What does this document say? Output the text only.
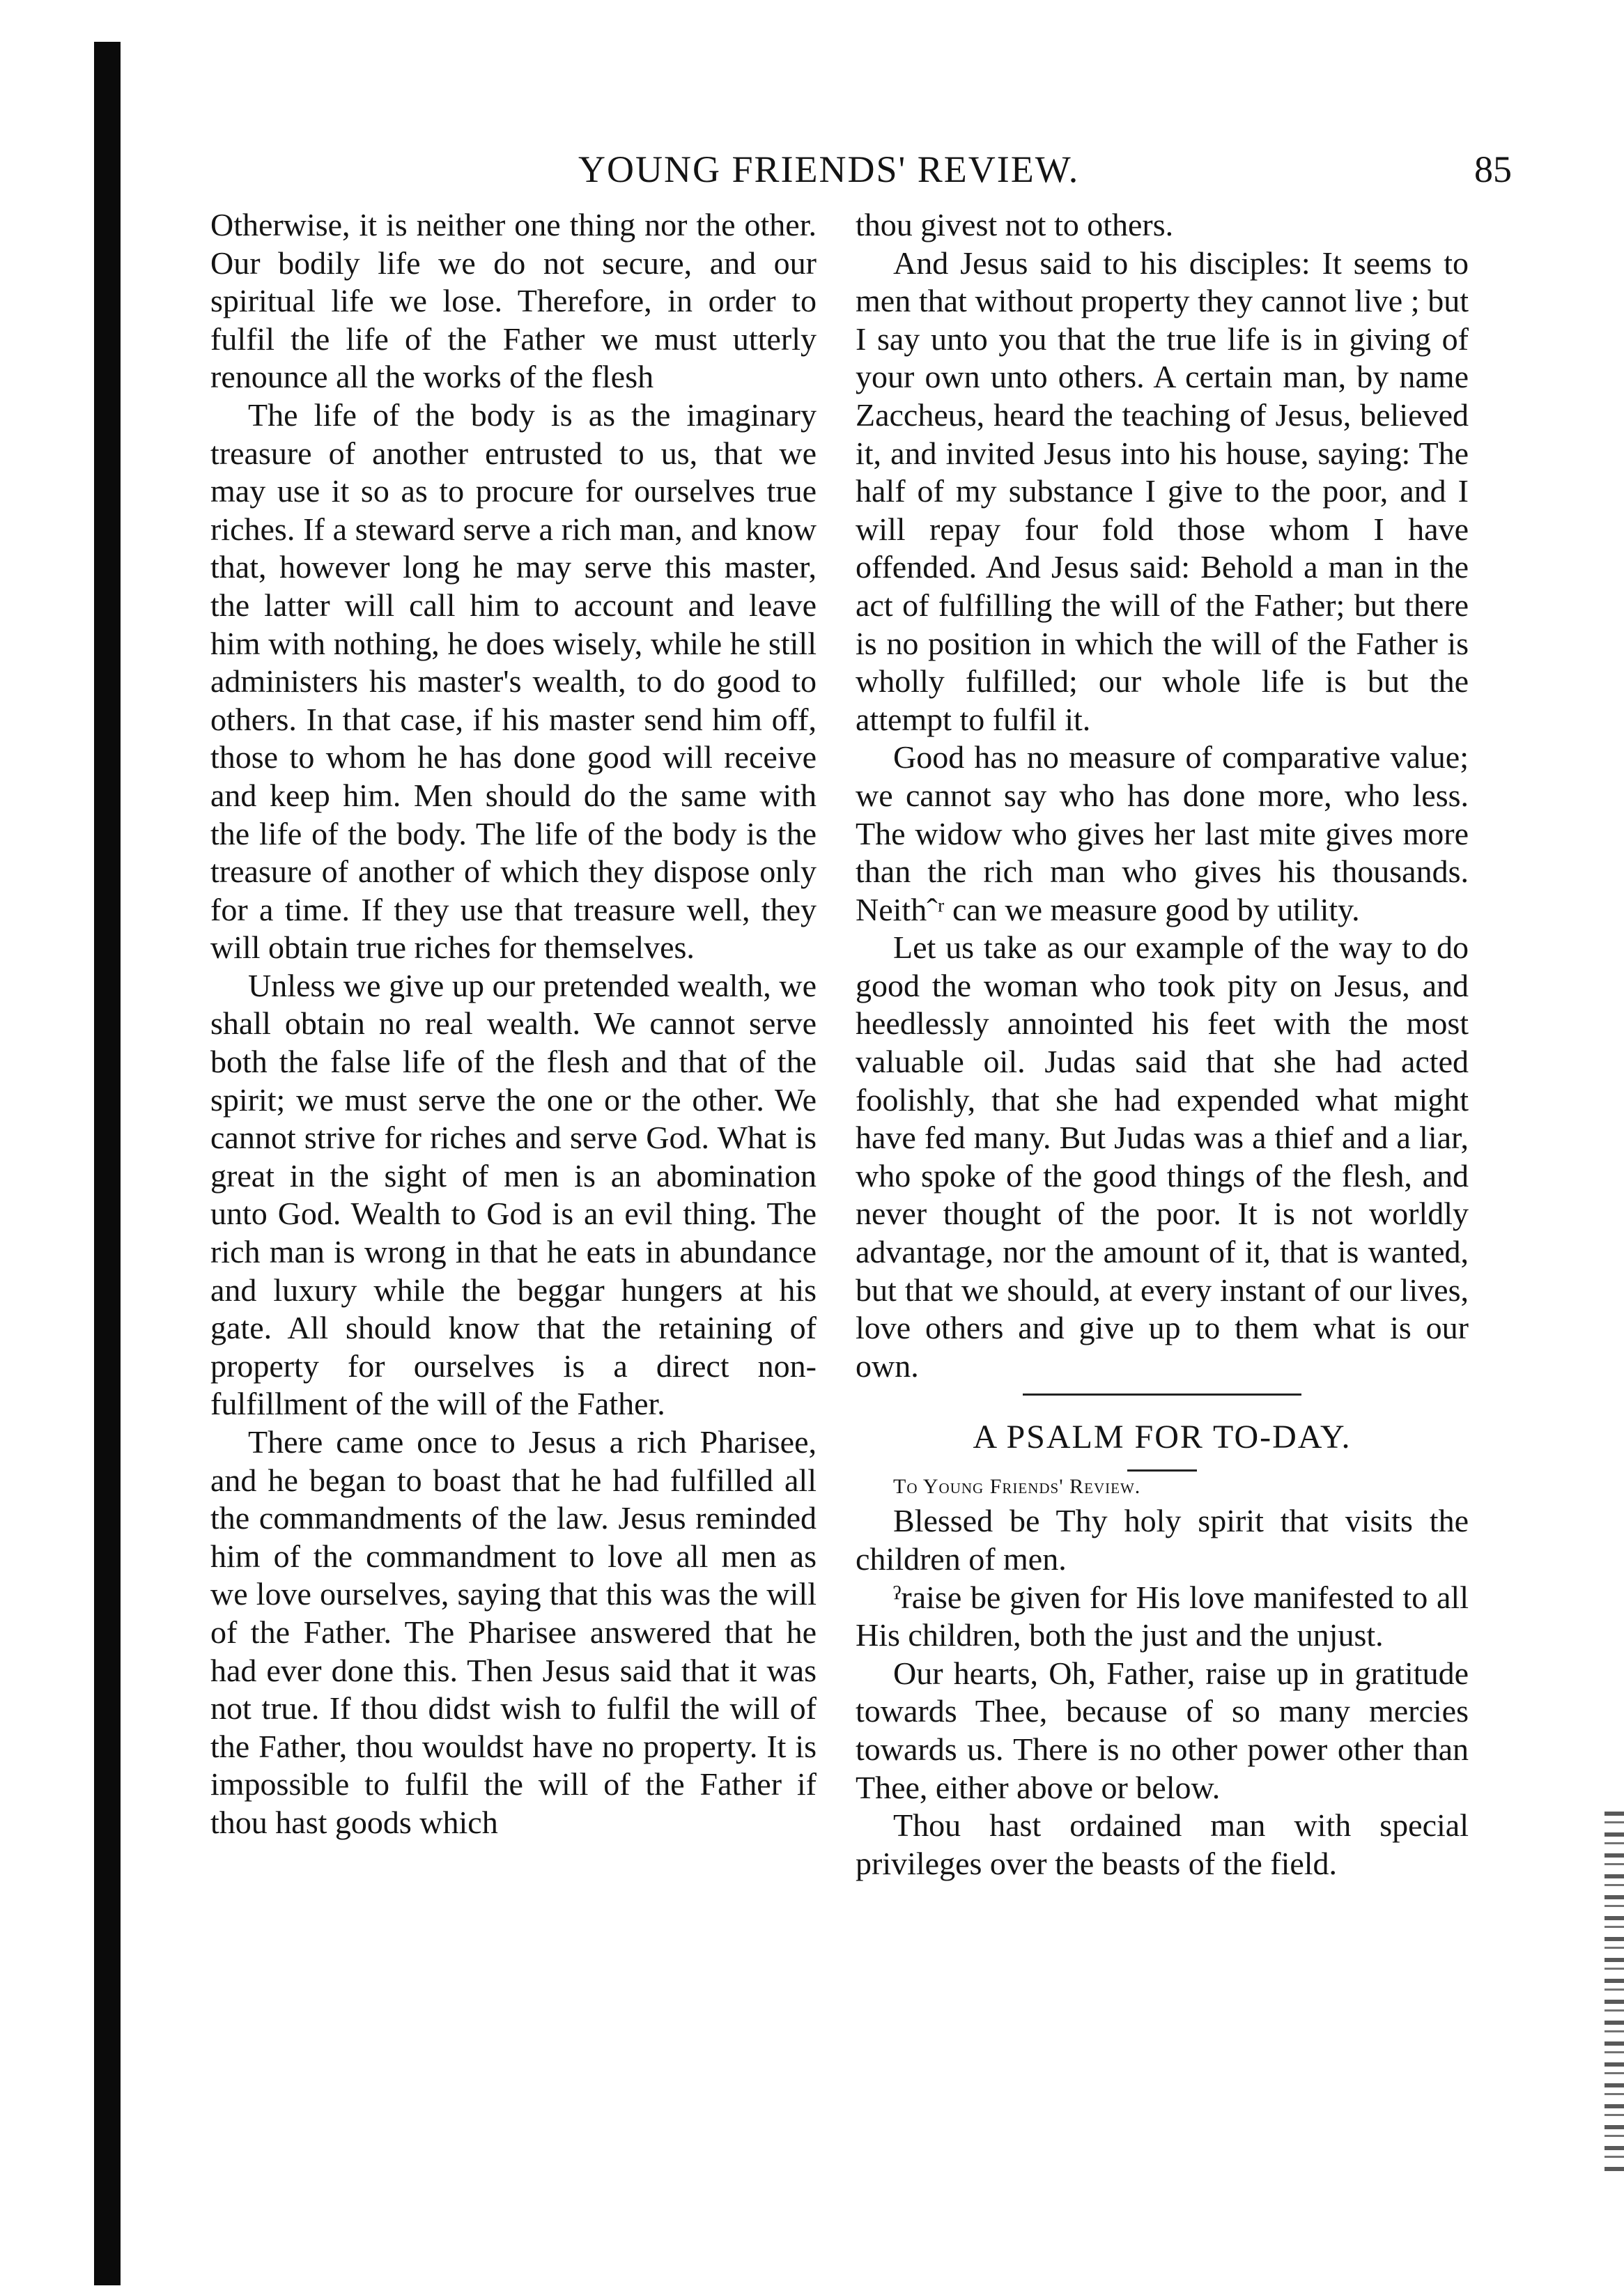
YOUNG FRIENDS' REVIEW.	85

Otherwise, it is neither one thing nor the other. Our bodily life we do not secure, and our spiritual life we lose. Therefore, in order to fulfil the life of the Father we must utterly renounce all the works of the flesh

The life of the body is as the imaginary treasure of another entrusted to us, that we may use it so as to procure for ourselves true riches. If a steward serve a rich man, and know that, however long he may serve this master, the latter will call him to account and leave him with nothing, he does wisely, while he still administers his master's wealth, to do good to others. In that case, if his master send him off, those to whom he has done good will receive and keep him. Men should do the same with the life of the body. The life of the body is the treasure of another of which they dispose only for a time. If they use that treasure well, they will obtain true riches for themselves.

Unless we give up our pretended wealth, we shall obtain no real wealth. We cannot serve both the false life of the flesh and that of the spirit; we must serve the one or the other. We cannot strive for riches and serve God. What is great in the sight of men is an abomination unto God. Wealth to God is an evil thing. The rich man is wrong in that he eats in abundance and luxury while the beggar hungers at his gate. All should know that the retaining of property for ourselves is a direct non-fulfillment of the will of the Father.

There came once to Jesus a rich Pharisee, and he began to boast that he had fulfilled all the commandments of the law. Jesus reminded him of the commandment to love all men as we love ourselves, saying that this was the will of the Father. The Pharisee answered that he had ever done this. Then Jesus said that it was not true. If thou didst wish to fulfil the will of the Father, thou wouldst have no property. It is impossible to fulfil the will of the Father if thou hast goods which

thou givest not to others.

And Jesus said to his disciples: It seems to men that without property they cannot live ; but I say unto you that the true life is in giving of your own unto others. A certain man, by name Zaccheus, heard the teaching of Jesus, believed it, and invited Jesus into his house, saying: The half of my substance I give to the poor, and I will repay four fold those whom I have offended. And Jesus said: Behold a man in the act of fulfilling the will of the Father; but there is no position in which the will of the Father is wholly fulfilled; our whole life is but the attempt to fulfil it.

Good has no measure of comparative value; we cannot say who has done more, who less. The widow who gives her last mite gives more than the rich man who gives his thousands. Neithˆʳ can we measure good by utility.

Let us take as our example of the way to do good the woman who took pity on Jesus, and heedlessly annointed his feet with the most valuable oil. Judas said that she had acted foolishly, that she had expended what might have fed many. But Judas was a thief and a liar, who spoke of the good things of the flesh, and never thought of the poor. It is not worldly advantage, nor the amount of it, that is wanted, but that we should, at every instant of our lives, love others and give up to them what is our own.

A PSALM FOR TO-DAY.

To Young Friends' Review.

Blessed be Thy holy spirit that visits the children of men.

ˀraise be given for His love manifested to all His children, both the just and the unjust.

Our hearts, Oh, Father, raise up in gratitude towards Thee, because of so many mercies towards us. There is no other power other than Thee, either above or below.

Thou hast ordained man with special privileges over the beasts of the field.
